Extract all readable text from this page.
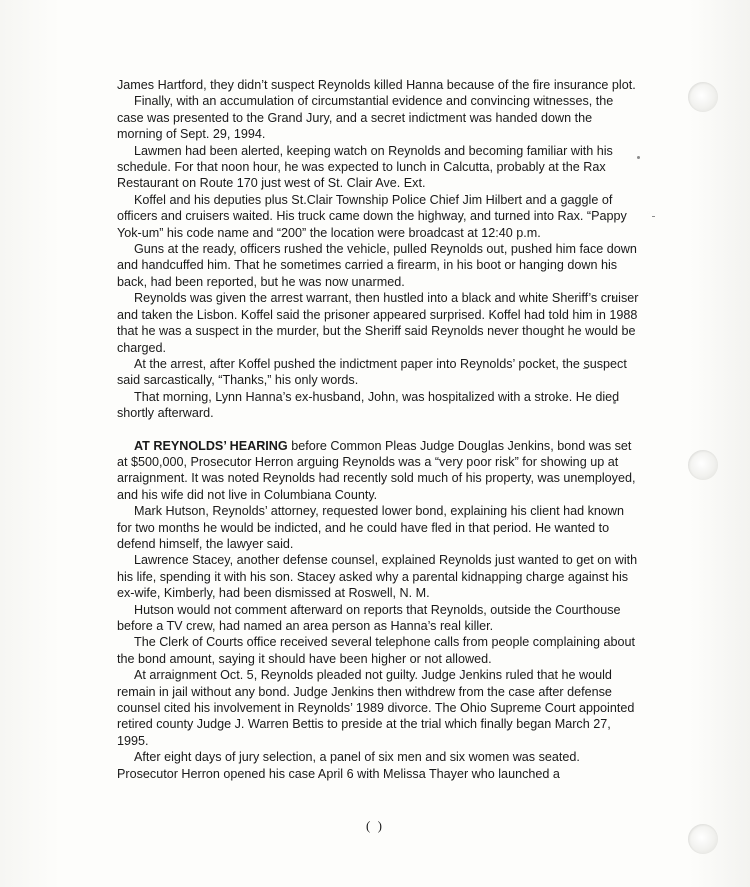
James Hartford, they didn’t suspect Reynolds killed Hanna because of the fire insurance plot.

Finally, with an accumulation of circumstantial evidence and convincing witnesses, the case was presented to the Grand Jury, and a secret indictment was handed down the morning of Sept. 29, 1994.

Lawmen had been alerted, keeping watch on Reynolds and becoming familiar with his schedule. For that noon hour, he was expected to lunch in Calcutta, probably at the Rax Restaurant on Route 170 just west of St. Clair Ave. Ext.

Koffel and his deputies plus St.Clair Township Police Chief Jim Hilbert and a gaggle of officers and cruisers waited. His truck came down the highway, and turned into Rax. “Pappy Yok-um” his code name and “200” the location were broadcast at 12:40 p.m.

Guns at the ready, officers rushed the vehicle, pulled Reynolds out, pushed him face down and handcuffed him. That he sometimes carried a firearm, in his boot or hanging down his back, had been reported, but he was now unarmed.

Reynolds was given the arrest warrant, then hustled into a black and white Sheriff’s cruiser and taken the Lisbon. Koffel said the prisoner appeared surprised. Koffel had told him in 1988 that he was a suspect in the murder, but the Sheriff said Reynolds never thought he would be charged.

At the arrest, after Koffel pushed the indictment paper into Reynolds’ pocket, the suspect said sarcastically, “Thanks,” his only words.

That morning, Lynn Hanna’s ex-husband, John, was hospitalized with a stroke. He died shortly afterward.

AT REYNOLDS’ HEARING before Common Pleas Judge Douglas Jenkins, bond was set at $500,000, Prosecutor Herron arguing Reynolds was a “very poor risk” for showing up at arraignment. It was noted Reynolds had recently sold much of his property, was unemployed, and his wife did not live in Columbiana County.

Mark Hutson, Reynolds’ attorney, requested lower bond, explaining his client had known for two months he would be indicted, and he could have fled in that period. He wanted to defend himself, the lawyer said.

Lawrence Stacey, another defense counsel, explained Reynolds just wanted to get on with his life, spending it with his son. Stacey asked why a parental kidnapping charge against his ex-wife, Kimberly, had been dismissed at Roswell, N. M.

Hutson would not comment afterward on reports that Reynolds, outside the Courthouse before a TV crew, had named an area person as Hanna’s real killer.

The Clerk of Courts office received several telephone calls from people complaining about the bond amount, saying it should have been higher or not allowed.

At arraignment Oct. 5, Reynolds pleaded not guilty. Judge Jenkins ruled that he would remain in jail without any bond. Judge Jenkins then withdrew from the case after defense counsel cited his involvement in Reynolds’ 1989 divorce. The Ohio Supreme Court appointed retired county Judge J. Warren Bettis to preside at the trial which finally began March 27, 1995.

After eight days of jury selection, a panel of six men and six women was seated. Prosecutor Herron opened his case April 6 with Melissa Thayer who launched a

( )
